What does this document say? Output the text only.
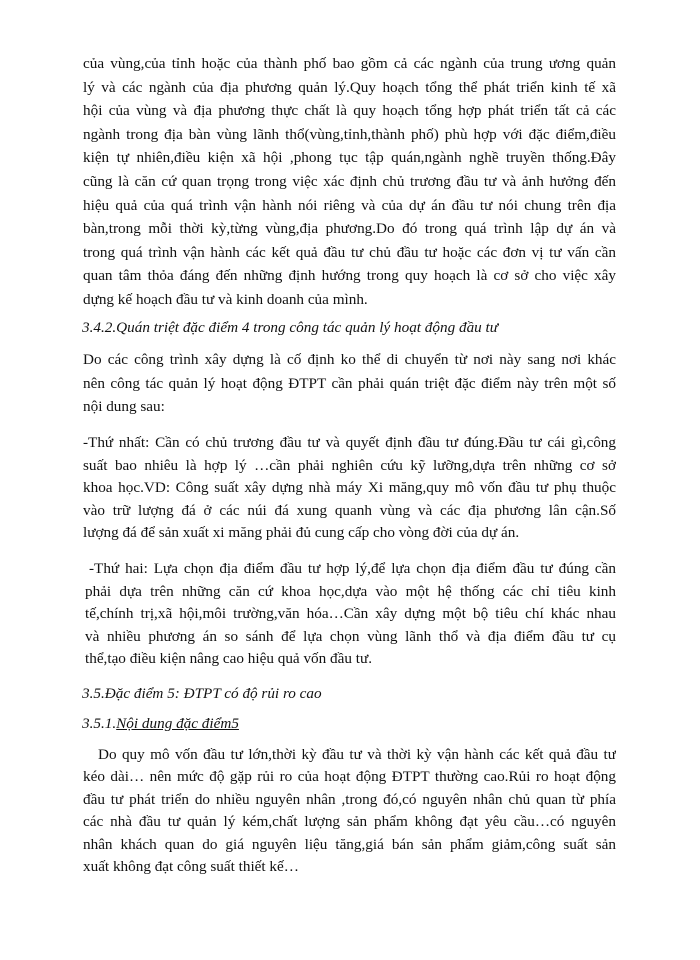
của vùng,của tỉnh hoặc của thành phố bao gồm cả các ngành của trung ương quản
lý và các ngành của địa phương quản lý.Quy hoạch tổng thể phát triển kinh tế xã
hội của vùng và địa phương thực chất là quy hoạch tổng hợp phát triển tất cả các
ngành trong địa bàn vùng lãnh thổ(vùng,tỉnh,thành phố) phù hợp với đặc điểm,điều
kiện tự nhiên,điều kiện xã hội ,phong tục tập quán,ngành nghề truyền thống.Đây
cũng là căn cứ quan trọng trong việc xác định chủ trương đầu tư và ảnh hưởng đến
hiệu quả của quá trình vận hành nói riêng và của dự án đầu tư nói chung trên địa
bàn,trong mỗi thời kỳ,từng vùng,địa phương.Do đó trong quá trình lập dự án và
trong quá trình vận hành các kết quả đầu tư chủ đầu tư hoặc các đơn vị tư vấn cần
quan tâm thỏa đáng đến những định hướng trong quy hoạch là cơ sở cho việc xây
dựng kế hoạch đầu tư và kinh doanh của mình.

3.4.2.Quán triệt đặc điểm 4 trong công tác quản lý hoạt động đầu tư

Do các công trình xây dựng là cố định ko thể di chuyển từ nơi này sang nơi khác
nên công tác quản lý hoạt động ĐTPT cần phải quán triệt đặc điểm này trên một số
nội dung sau:
-Thứ nhất: Cần có chủ trương đầu tư và quyết định đầu tư đúng.Đầu tư cái gì,công
suất bao nhiêu là hợp lý …cần phải nghiên cứu kỹ lưỡng,dựa trên những cơ sở
khoa học.VD: Công suất xây dựng nhà máy Xi măng,quy mô vốn đầu tư phụ thuộc
vào trữ lượng đá ở các núi đá xung quanh vùng và các địa phương lân cận.Số
lượng đá để sản xuất xi măng phải đủ cung cấp cho vòng đời của dự án.
-Thứ hai: Lựa chọn địa điểm đầu tư hợp lý,để lựa chọn địa điểm đầu tư đúng cần
phải dựa trên những căn cứ khoa học,dựa vào một hệ thống các chỉ tiêu kinh
tế,chính trị,xã hội,môi trường,văn hóa…Cần xây dựng một bộ tiêu chí khác nhau
và nhiều phương án so sánh để lựa chọn vùng lãnh thổ và địa điểm đầu tư cụ
thể,tạo điều kiện nâng cao hiệu quả vốn đầu tư.

3.5.Đặc điểm 5: ĐTPT có độ rủi ro cao

3.5.1.Nội dung đặc điểm5

Do quy mô vốn đầu tư lớn,thời kỳ đầu tư và thời kỳ vận hành các kết quả đầu tư
kéo dài… nên mức độ gặp rủi ro của hoạt động ĐTPT thường cao.Rủi ro hoạt động
đầu tư phát triển do nhiều nguyên nhân ,trong đó,có nguyên nhân chủ quan từ phía
các nhà đầu tư quản lý kém,chất lượng sản phẩm không đạt yêu cầu…có nguyên
nhân khách quan do giá nguyên liệu tăng,giá bán sản phẩm giảm,công suất sản
xuất không đạt công suất thiết kế…
